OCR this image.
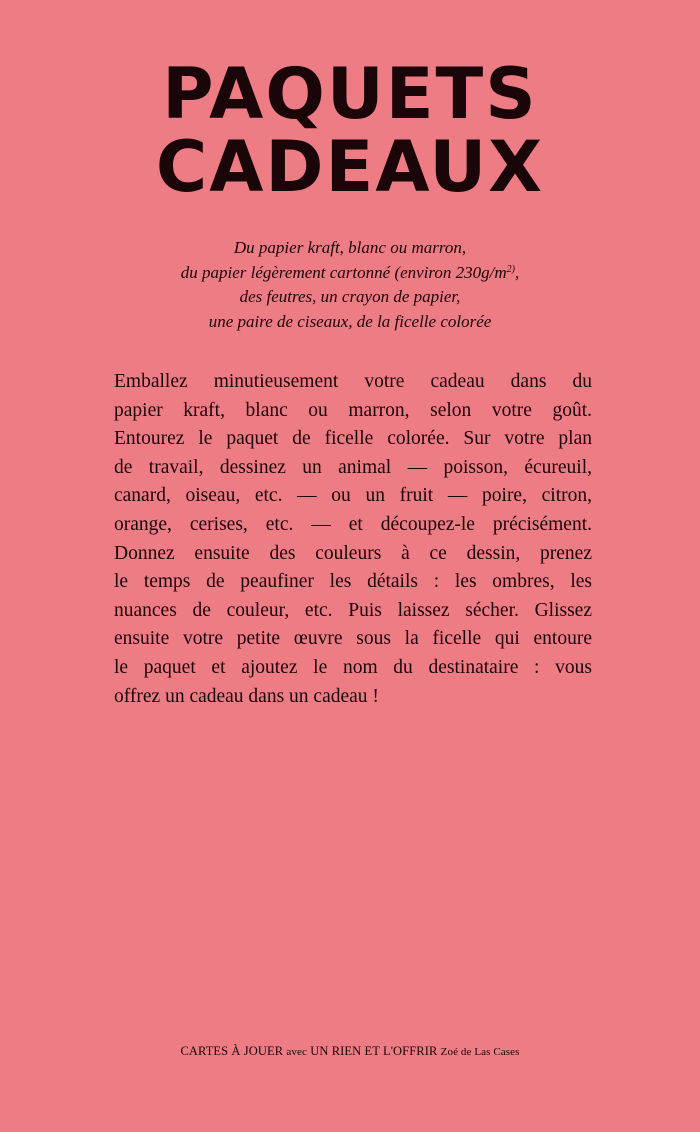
PAQUETS
CADEAUX

Du papier kraft, blanc ou marron,
du papier légèrement cartonné (environ $230g/m^{2)}$,
des feutres, un crayon de papier,
une paire de ciseaux, de la ficelle colorée

Emballez minutieusement votre cadeau dans du
papier kraft, blanc ou marron, selon votre goût.
Entourez le paquet de ficelle colorée. Sur votre plan
de travail, dessinez un animal — poisson, écureuil,
canard, oiseau, etc. — ou un fruit — poire, citron,
orange, cerises, etc. — et découpez-le précisément.
Donnez ensuite des couleurs à ce dessin, prenez
le temps de peaufiner les détails : les ombres, les
nuances de couleur, etc. Puis laissez sécher. Glissez
ensuite votre petite œuvre sous la ficelle qui entoure
le paquet et ajoutez le nom du destinataire : vous
offrez un cadeau dans un cadeau !

CARTES À JOUER avec UN RIEN ET L'OFFRIR Zoé de Las Cases
